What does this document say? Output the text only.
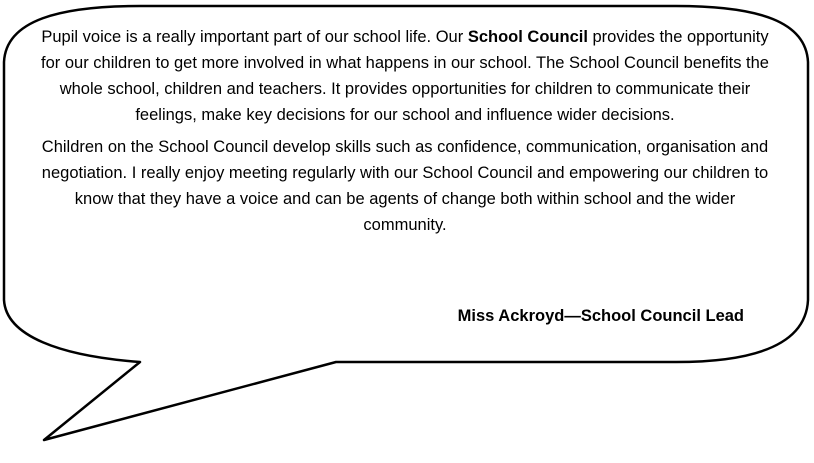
Pupil voice is a really important part of our school life. Our School Council provides the opportunity for our children to get more involved in what happens in our school. The School Council benefits the whole school, children and teachers. It provides opportunities for children to communicate their feelings, make key decisions for our school and influence wider decisions.

Children on the School Council develop skills such as confidence, communication, organisation and negotiation. I really enjoy meeting regularly with our School Council and empowering our children to know that they have a voice and can be agents of change both within school and the wider community.

Miss Ackroyd—School Council Lead
